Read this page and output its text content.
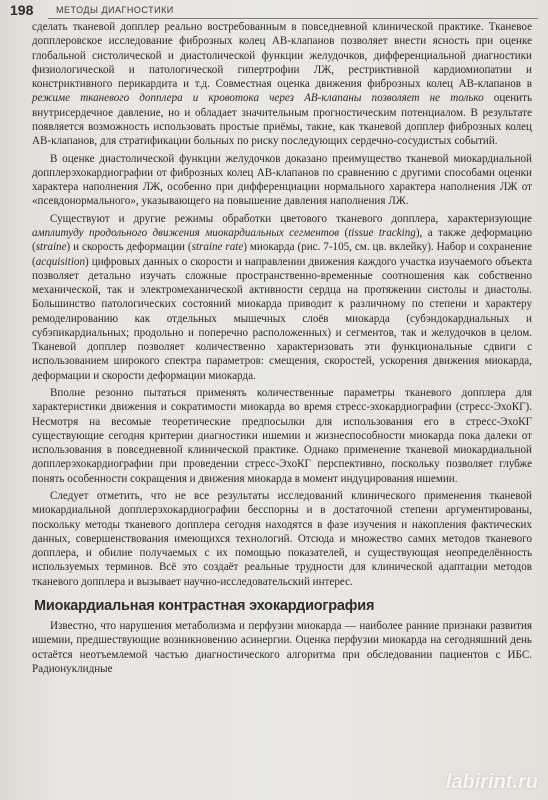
198	МЕТОДЫ ДИАГНОСТИКИ

сделать тканевой допплер реально востребованным в повседневной клинической практике. Тканевое допплеровское исследование фиброзных колец АВ-клапанов позволяет внести ясность при оценке глобальной систолической и диастолической функции желудочков, дифференциальной диагностики физиологической и патологической гипертрофии ЛЖ, рестриктивной кардиомиопатии и констриктивного перикардита и т.д. Совместная оценка движения фиброзных колец АВ-клапанов в режиме тканевого допплера и кровотока через АВ-клапаны позволяет не только оценить внутрисердечное давление, но и обладает значительным прогностическим потенциалом. В результате появляется возможность использовать простые приёмы, такие, как тканевой допплер фиброзных колец АВ-клапанов, для стратификации больных по риску последующих сердечно-сосудистых событий.

В оценке диастолической функции желудочков доказано преимущество тканевой миокардиальной допплерэхокардиографии от фиброзных колец АВ-клапанов по сравнению с другими способами оценки характера наполнения ЛЖ, особенно при дифференциации нормального характера наполнения ЛЖ от «псевдонормального», указывающего на повышение давления наполнения ЛЖ.

Существуют и другие режимы обработки цветового тканевого допплера, характеризующие амплитуду продольного движения миокардиальных сегментов (tissue tracking), а также деформацию (straine) и скорость деформации (straine rate) миокарда (рис. 7-105, см. цв. вклейку). Набор и сохранение (acquisition) цифровых данных о скорости и направлении движения каждого участка изучаемого объекта позволяет детально изучать сложные пространственно-временные соотношения как собственно механической, так и электромеханической активности сердца на протяжении систолы и диастолы. Большинство патологических состояний миокарда приводит к различному по степени и характеру ремоделированию как отдельных мышечных слоёв миокарда (субэндокардиальных и субэпикардиальных; продольно и поперечно расположенных) и сегментов, так и желудочков в целом. Тканевой допплер позволяет количественно характеризовать эти функциональные сдвиги с использованием широкого спектра параметров: смещения, скоростей, ускорения движения миокарда, деформации и скорости деформации миокарда.

Вполне резонно пытаться применять количественные параметры тканевого допплера для характеристики движения и сократимости миокарда во время стресс-эхокардиографии (стресс-ЭхоКГ). Несмотря на весомые теоретические предпосылки для использования его в стресс-ЭхоКГ существующие сегодня критерии диагностики ишемии и жизнеспособности миокарда пока далеки от использования в повседневной клинической практике. Однако применение тканевой миокардиальной допплерэхокардиографии при проведении стресс-ЭхоКГ перспективно, поскольку позволяет глубже понять особенности сокращения и движения миокарда в момент индуцирования ишемии.

Следует отметить, что не все результаты исследований клинического применения тканевой миокардиальной допплерэхокардиографии бесспорны и в достаточной степени аргументированы, поскольку методы тканевого допплера сегодня находятся в фазе изучения и накопления фактических данных, совершенствования имеющихся технологий. Отсюда и множество самих методов тканевого допплера, и обилие получаемых с их помощью показателей, и существующая неопределённость используемых терминов. Всё это создаёт реальные трудности для клинической адаптации методов тканевого допплера и вызывает научно-исследовательский интерес.

Миокардиальная контрастная эхокардиография

Известно, что нарушения метаболизма и перфузии миокарда — наиболее ранние признаки развития ишемии, предшествующие возникновению асинергии. Оценка перфузии миокарда на сегодняшний день остаётся неотъемлемой частью диагностического алгоритма при обследовании пациентов с ИБС. Радионуклидные

labirint.ru
